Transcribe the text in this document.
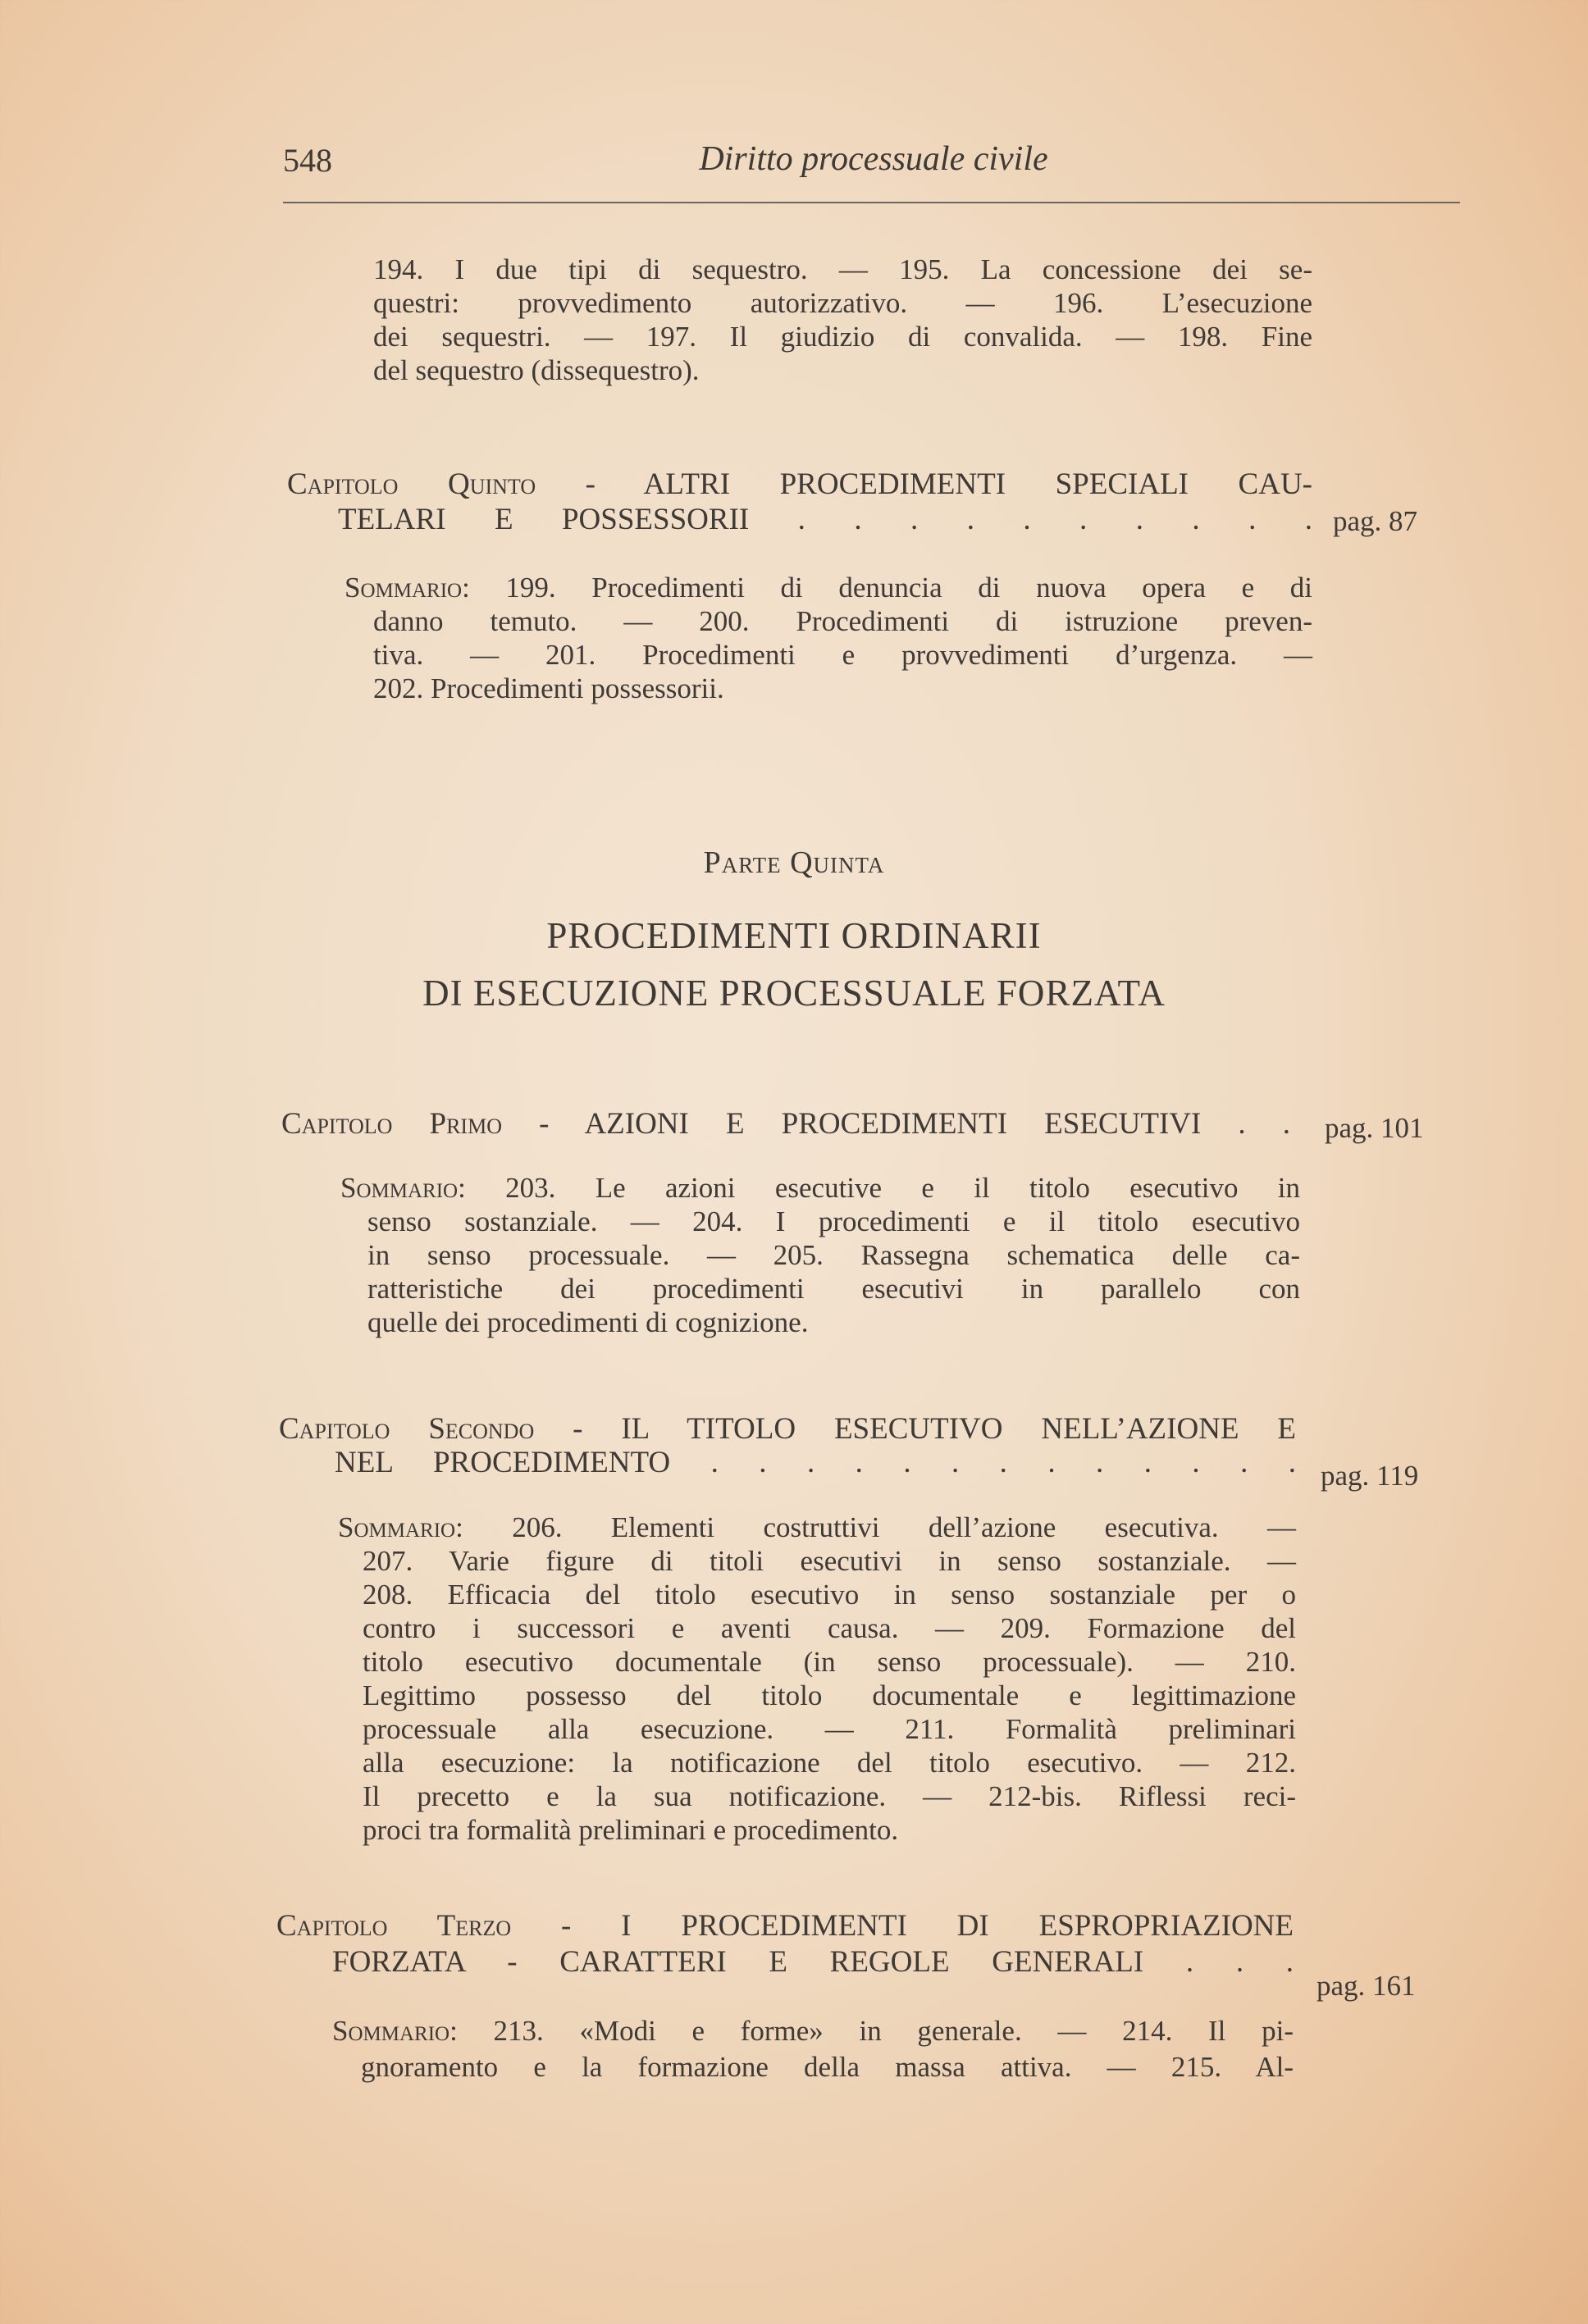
548	Diritto processuale civile
194. I due tipi di sequestro. — 195. La concessione dei se-
questri: provvedimento autorizzativo. — 196. L’esecuzione
dei sequestri. — 197. Il giudizio di convalida. — 198. Fine
del sequestro (dissequestro).
Capitolo Quinto - ALTRI PROCEDIMENTI SPECIALI CAU-
TELARI E POSSESSORII . . . . . . . . . . pag. 87
Sommario: 199. Procedimenti di denuncia di nuova opera e di
danno temuto. — 200. Procedimenti di istruzione preven-
tiva. — 201. Procedimenti e provvedimenti d’urgenza. —
202. Procedimenti possessorii.
Parte Quinta
PROCEDIMENTI ORDINARII
DI ESECUZIONE PROCESSUALE FORZATA
Capitolo Primo - AZIONI E PROCEDIMENTI ESECUTIVI . . pag. 101
Sommario: 203. Le azioni esecutive e il titolo esecutivo in
senso sostanziale. — 204. I procedimenti e il titolo esecutivo
in senso processuale. — 205. Rassegna schematica delle ca-
ratteristiche dei procedimenti esecutivi in parallelo con
quelle dei procedimenti di cognizione.
Capitolo Secondo - IL TITOLO ESECUTIVO NELL’AZIONE E
NEL PROCEDIMENTO . . . . . . . . . . . . . pag. 119
Sommario: 206. Elementi costruttivi dell’azione esecutiva. —
207. Varie figure di titoli esecutivi in senso sostanziale. —
208. Efficacia del titolo esecutivo in senso sostanziale per o
contro i successori e aventi causa. — 209. Formazione del
titolo esecutivo documentale (in senso processuale). — 210.
Legittimo possesso del titolo documentale e legittimazione
processuale alla esecuzione. — 211. Formalità preliminari
alla esecuzione: la notificazione del titolo esecutivo. — 212.
Il precetto e la sua notificazione. — 212-bis. Riflessi reci-
proci tra formalità preliminari e procedimento.
Capitolo Terzo - I PROCEDIMENTI DI ESPROPRIAZIONE
FORZATA - CARATTERI E REGOLE GENERALI . . .
pag. 161
Sommario: 213. «Modi e forme» in generale. — 214. Il pi-
gnoramento e la formazione della massa attiva. — 215. Al-
